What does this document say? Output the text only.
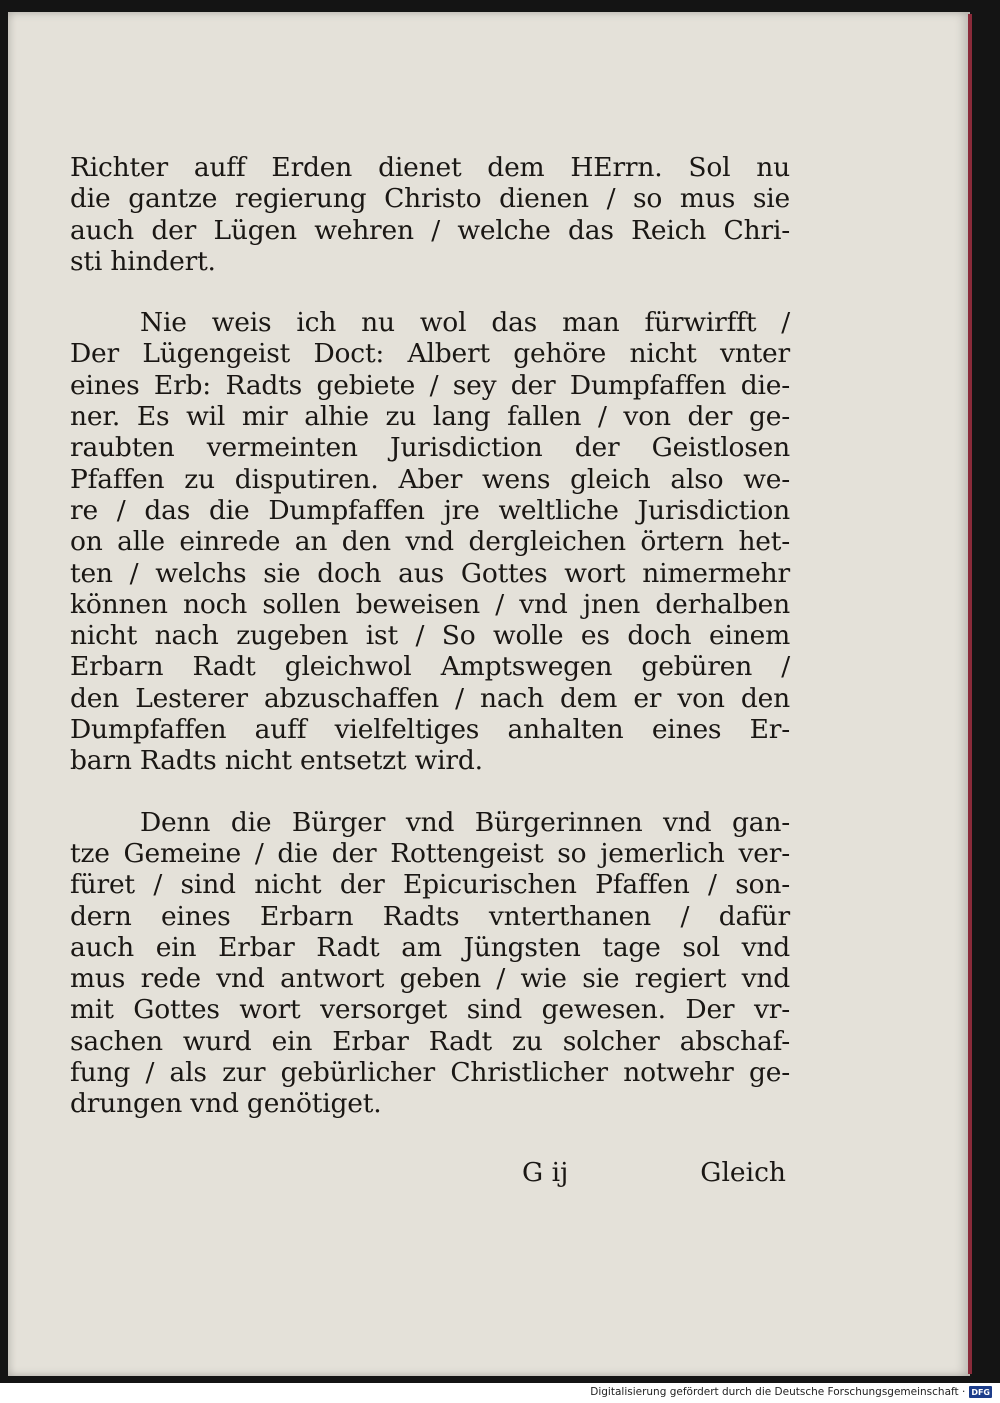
Richter auff Erden dienet dem HErrn. Sol nu
die gantze regierung Christo dienen / so mus sie
auch der Lügen wehren / welche das Reich Chri-
sti hindert.
Nie weis ich nu wol das man fürwirfft /
Der Lügengeist Doct: Albert gehöre nicht vnter
eines Erb: Radts gebiete / sey der Dumpfaffen die-
ner. Es wil mir alhie zu lang fallen / von der ge-
raubten vermeinten Jurisdiction der Geistlosen
Pfaffen zu disputiren. Aber wens gleich also we-
re / das die Dumpfaffen jre weltliche Jurisdiction
on alle einrede an den vnd dergleichen örtern het-
ten / welchs sie doch aus Gottes wort nimermehr
können noch sollen beweisen / vnd jnen derhalben
nicht nach zugeben ist / So wolle es doch einem
Erbarn Radt gleichwol Amptswegen gebüren /
den Lesterer abzuschaffen / nach dem er von den
Dumpfaffen auff vielfeltiges anhalten eines Er-
barn Radts nicht entsetzt wird.
Denn die Bürger vnd Bürgerinnen vnd gan-
tze Gemeine / die der Rottengeist so jemerlich ver-
füret / sind nicht der Epicurischen Pfaffen / son-
dern eines Erbarn Radts vnterthanen / dafür
auch ein Erbar Radt am Jüngsten tage sol vnd
mus rede vnd antwort geben / wie sie regiert vnd
mit Gottes wort versorget sind gewesen. Der vr-
sachen wurd ein Erbar Radt zu solcher abschaf-
fung / als zur gebürlicher Christlicher notwehr ge-
drungen vnd genötiget.
G ij	Gleich
Digitalisierung gefördert durch die Deutsche Forschungsgemeinschaft · DFG
